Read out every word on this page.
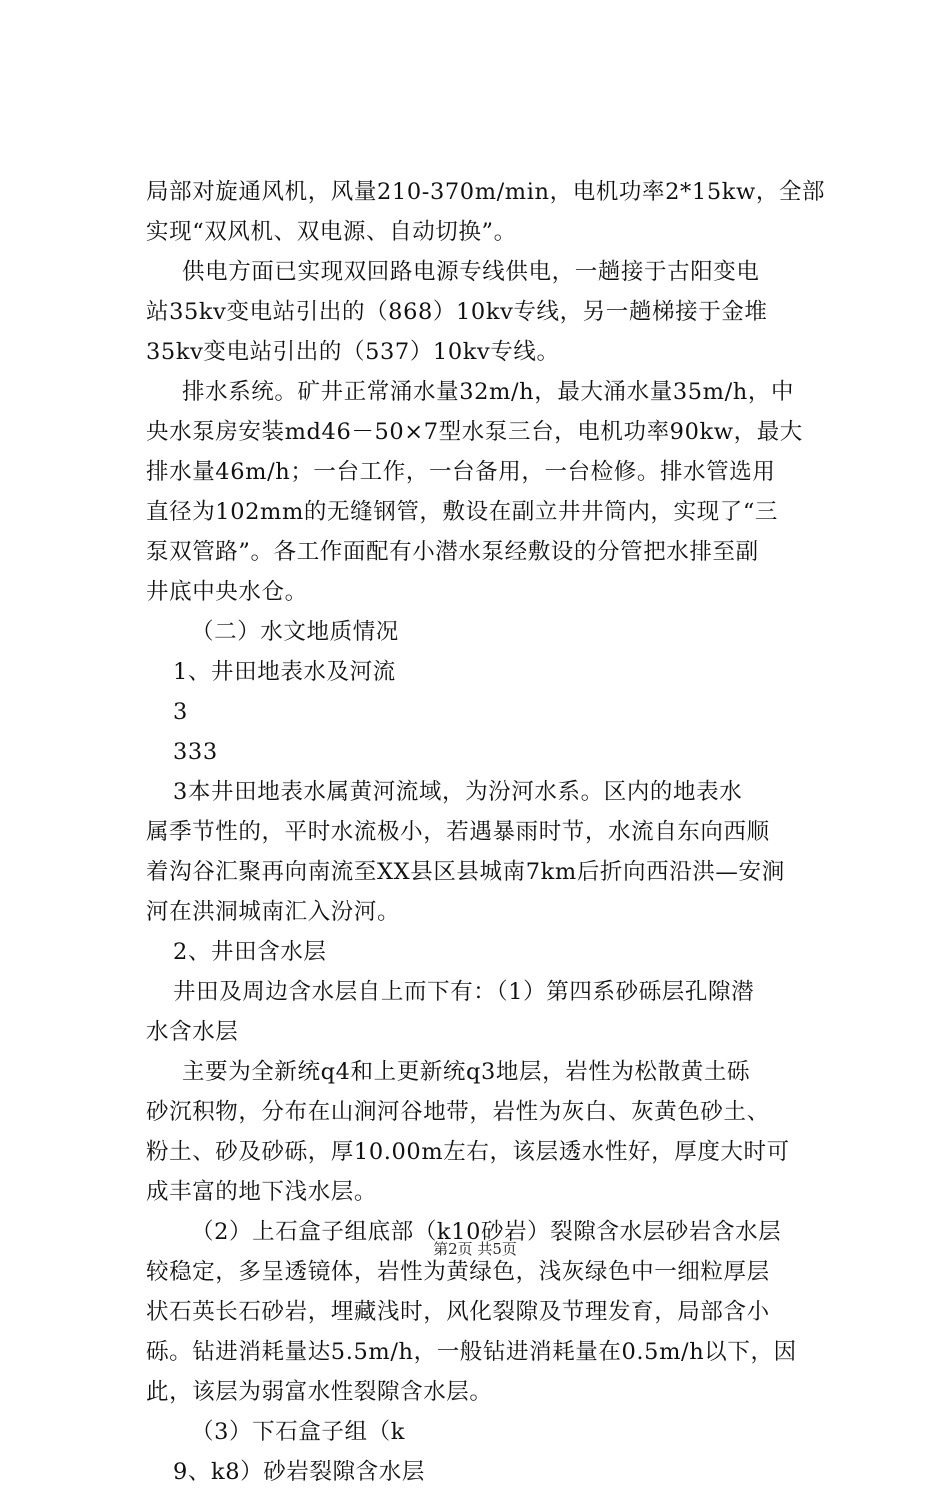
局部对旋通风机，风量210-370m/min，电机功率2*15kw，全部
实现“双风机、双电源、自动切换”。
供电方面已实现双回路电源专线供电，一趟接于古阳变电
站35kv变电站引出的（868）10kv专线，另一趟梯接于金堆
35kv变电站引出的（537）10kv专线。
排水系统。矿井正常涌水量32m/h，最大涌水量35m/h，中
央水泵房安装md46－50×7型水泵三台，电机功率90kw，最大
排水量46m/h；一台工作，一台备用，一台检修。排水管选用
直径为102mm的无缝钢管，敷设在副立井井筒内，实现了“三
泵双管路”。各工作面配有小潜水泵经敷设的分管把水排至副
井底中央水仓。
（二）水文地质情况
1、井田地表水及河流
3
333
3本井田地表水属黄河流域，为汾河水系。区内的地表水
属季节性的，平时水流极小，若遇暴雨时节，水流自东向西顺
着沟谷汇聚再向南流至XX县区县城南7km后折向西沿洪—安涧
河在洪洞城南汇入汾河。
2、井田含水层
井田及周边含水层自上而下有：（1）第四系砂砾层孔隙潜
水含水层
主要为全新统q4和上更新统q3地层，岩性为松散黄土砾
砂沉积物，分布在山涧河谷地带，岩性为灰白、灰黄色砂土、
粉土、砂及砂砾，厚10.00m左右，该层透水性好，厚度大时可
成丰富的地下浅水层。
（2）上石盒子组底部（k10砂岩）裂隙含水层砂岩含水层
较稳定，多呈透镜体，岩性为黄绿色，浅灰绿色中一细粒厚层
状石英长石砂岩，埋藏浅时，风化裂隙及节理发育，局部含小
砾。钻进消耗量达5.5m/h，一般钻进消耗量在0.5m/h以下，因
此，该层为弱富水性裂隙含水层。
（3）下石盒子组（k
9、k8）砂岩裂隙含水层
第2页 共5页
